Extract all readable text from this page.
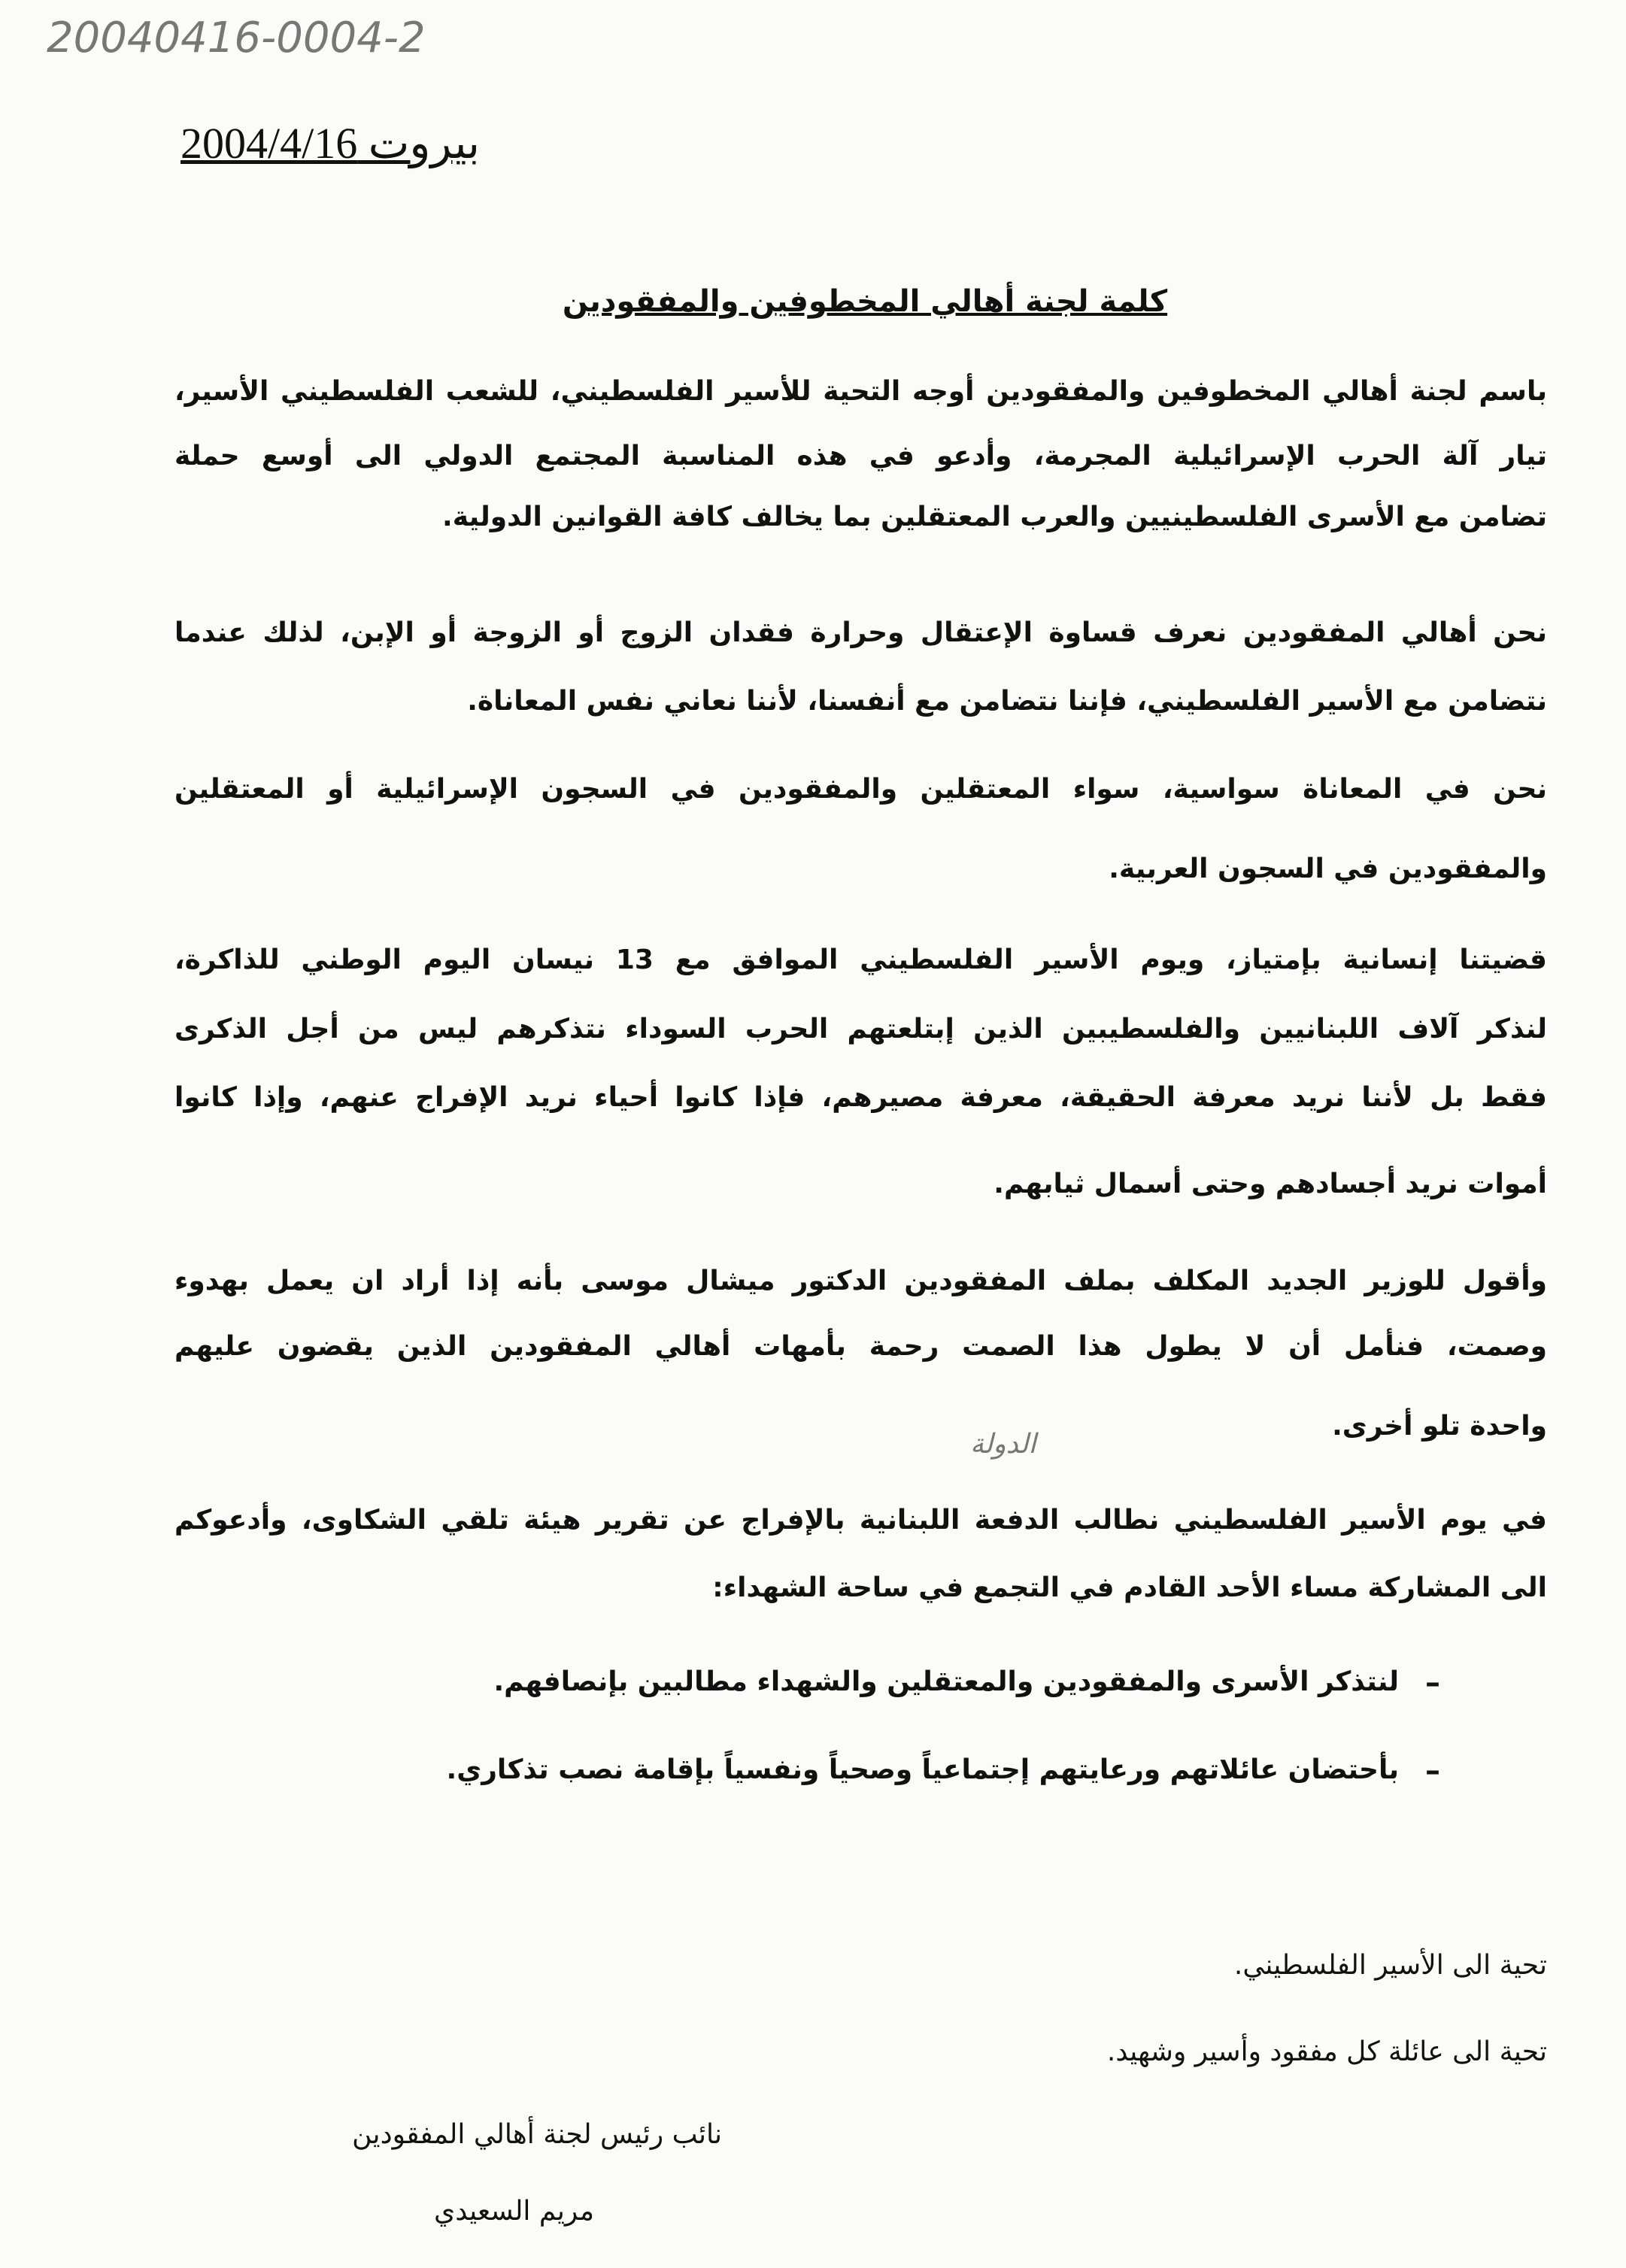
20040416-0004-2
بيروت 2004/4/16
كلمة لجنة أهالي المخطوفين والمفقودين
باسم لجنة أهالي المخطوفين والمفقودين أوجه التحية للأسير الفلسطيني، للشعب الفلسطيني الأسير،
تيار آلة الحرب الإسرائيلية المجرمة، وأدعو في هذه المناسبة المجتمع الدولي الى أوسع حملة
تضامن مع الأسرى الفلسطينيين والعرب المعتقلين بما يخالف كافة القوانين الدولية.
نحن أهالي المفقودين نعرف قساوة الإعتقال وحرارة فقدان الزوج أو الزوجة أو الإبن، لذلك عندما
نتضامن مع الأسير الفلسطيني، فإننا نتضامن مع أنفسنا، لأننا نعاني نفس المعاناة.
نحن في المعاناة سواسية، سواء المعتقلين والمفقودين في السجون الإسرائيلية أو المعتقلين
والمفقودين في السجون العربية.
قضيتنا إنسانية بإمتياز، ويوم الأسير الفلسطيني الموافق مع 13 نيسان اليوم الوطني للذاكرة،
لنذكر آلاف اللبنانيين والفلسطيبين الذين إبتلعتهم الحرب السوداء نتذكرهم ليس من أجل الذكرى
فقط بل لأننا نريد معرفة الحقيقة، معرفة مصيرهم، فإذا كانوا أحياء نريد الإفراج عنهم، وإذا كانوا
أموات نريد أجسادهم وحتى أسمال ثيابهم.
وأقول للوزير الجديد المكلف بملف المفقودين الدكتور ميشال موسى بأنه إذا أراد ان يعمل بهدوء
وصمت، فنأمل أن لا يطول هذا الصمت رحمة بأمهات أهالي المفقودين الذين يقضون عليهم
واحدة تلو أخرى.
الدولة
في يوم الأسير الفلسطيني نطالب الدفعة اللبنانية بالإفراج عن تقرير هيئة تلقي الشكاوى، وأدعوكم
الى المشاركة مساء الأحد القادم في التجمع في ساحة الشهداء:
–
لنتذكر الأسرى والمفقودين والمعتقلين والشهداء مطالبين بإنصافهم.
–
بأحتضان عائلاتهم ورعايتهم إجتماعياً وصحياً ونفسياً بإقامة نصب تذكاري.
تحية الى الأسير الفلسطيني.
تحية الى عائلة كل مفقود وأسير وشهيد.
نائب رئيس لجنة أهالي المفقودين
مريم السعيدي
